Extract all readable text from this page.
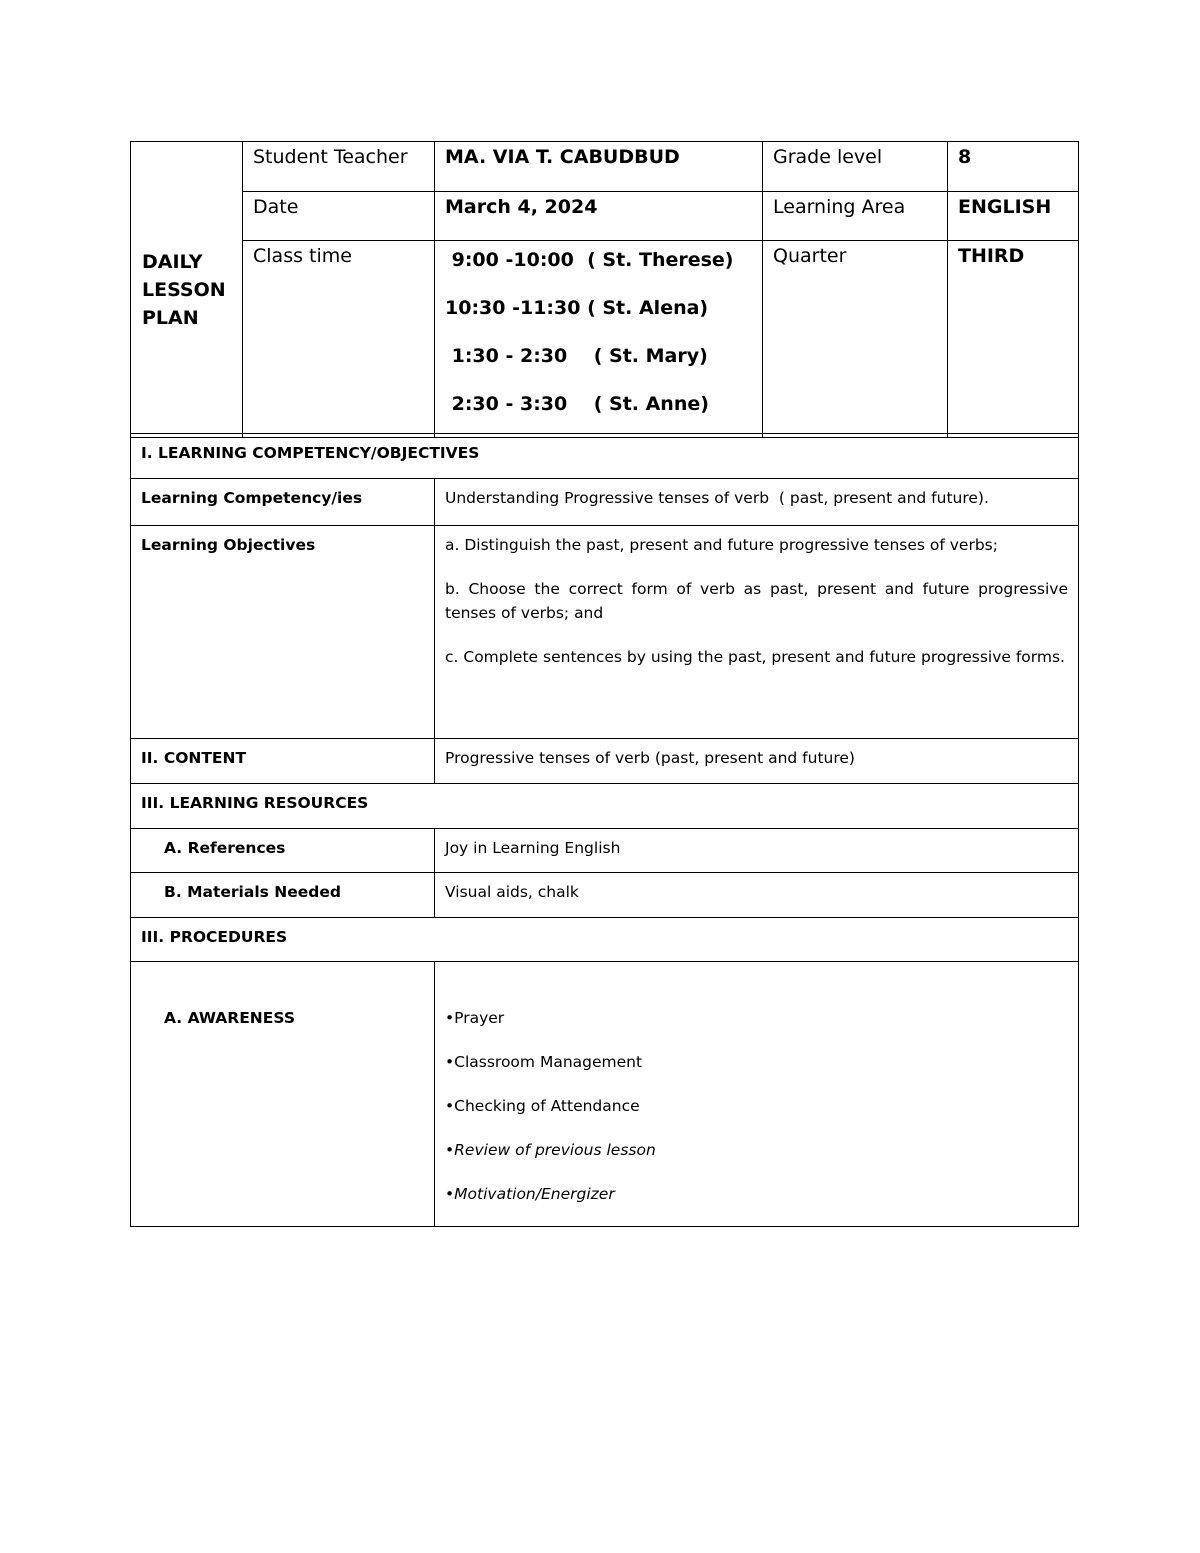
DAILY
LESSON
PLAN	Student Teacher	MA. VIA T. CABUDBUD	Grade level	8
	Date	March 4, 2024	Learning Area	ENGLISH
	Class time	9:00 -10:00  ( St. Therese)
10:30 -11:30 ( St. Alena)
1:30 - 2:30    ( St. Mary)
2:30 - 3:30    ( St. Anne)	Quarter	THIRD
I. LEARNING COMPETENCY/OBJECTIVES	
Learning Competency/ies	Understanding Progressive tenses of verb  ( past, present and future).
Learning Objectives	a. Distinguish the past, present and future progressive tenses of verbs;

b. Choose the correct form of verb as past, present and future progressive tenses of verbs; and

c. Complete sentences by using the past, present and future progressive forms.

II. CONTENT	Progressive tenses of verb (past, present and future)
III. LEARNING RESOURCES	
A. References	Joy in Learning English
B. Materials Needed	Visual aids, chalk
III. PROCEDURES	
A. AWARENESS	•Prayer
•Classroom Management
•Checking of Attendance
•Review of previous lesson
•Motivation/Energizer
